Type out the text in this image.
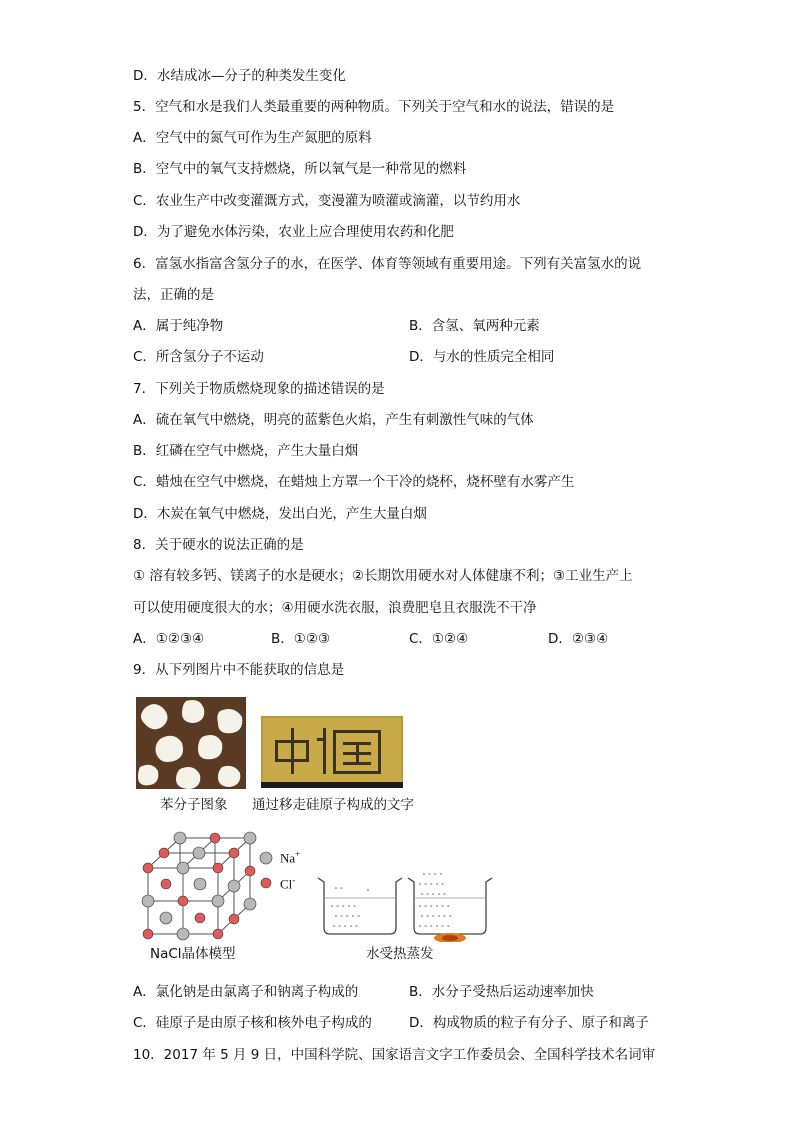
D．水结成冰—分子的种类发生变化
5．空气和水是我们人类最重要的两种物质。下列关于空气和水的说法，错误的是
A．空气中的氮气可作为生产氮肥的原料
B．空气中的氧气支持燃烧，所以氧气是一种常见的燃料
C．农业生产中改变灌溉方式，变漫灌为喷灌或滴灌，以节约用水
D．为了避免水体污染，农业上应合理使用农药和化肥
6．富氢水指富含氢分子的水，在医学、体育等领域有重要用途。下列有关富氢水的说
法，正确的是
A．属于纯净物	B．含氢、氧两种元素
C．所含氢分子不运动	D．与水的性质完全相同
7．下列关于物质燃烧现象的描述错误的是
A．硫在氧气中燃烧，明亮的蓝紫色火焰，产生有刺激性气味的气体
B．红磷在空气中燃烧，产生大量白烟
C．蜡烛在空气中燃烧，在蜡烛上方罩一个干冷的烧杯，烧杯壁有水雾产生
D．木炭在氧气中燃烧，发出白光，产生大量白烟
8．关于硬水的说法正确的是
① 溶有较多钙、镁离子的水是硬水；②长期饮用硬水对人体健康不利；③工业生产上
可以使用硬度很大的水；④用硬水洗衣服，浪费肥皂且衣服洗不干净
A．①②③④	B．①②③	C．①②④	D．②③④
9．从下列图片中不能获取的信息是
苯分子图象 通过移走硅原子构成的文字
Na+
Cl-
∘ ∘	∘
∘ ∘ ∘ ∘ ∘
∘ ∘ ∘ ∘ ∘
∘ ∘ ∘ ∘ ∘
∘ ∘ ∘ ∘
∘ ∘ ∘ ∘ ∘
∘ ∘ ∘ ∘ ∘
∘ ∘ ∘ ∘ ∘ ∘
∘ ∘ ∘ ∘ ∘ ∘
∘ ∘ ∘ ∘ ∘ ∘
NaCl晶体模型	水受热蒸发
A．氯化钠是由氯离子和钠离子构成的	B．水分子受热后运动速率加快
C．硅原子是由原子核和核外电子构成的	D．构成物质的粒子有分子、原子和离子
10．2017 年 5 月 9 日，中国科学院、国家语言文字工作委员会、全国科学技术名词审
